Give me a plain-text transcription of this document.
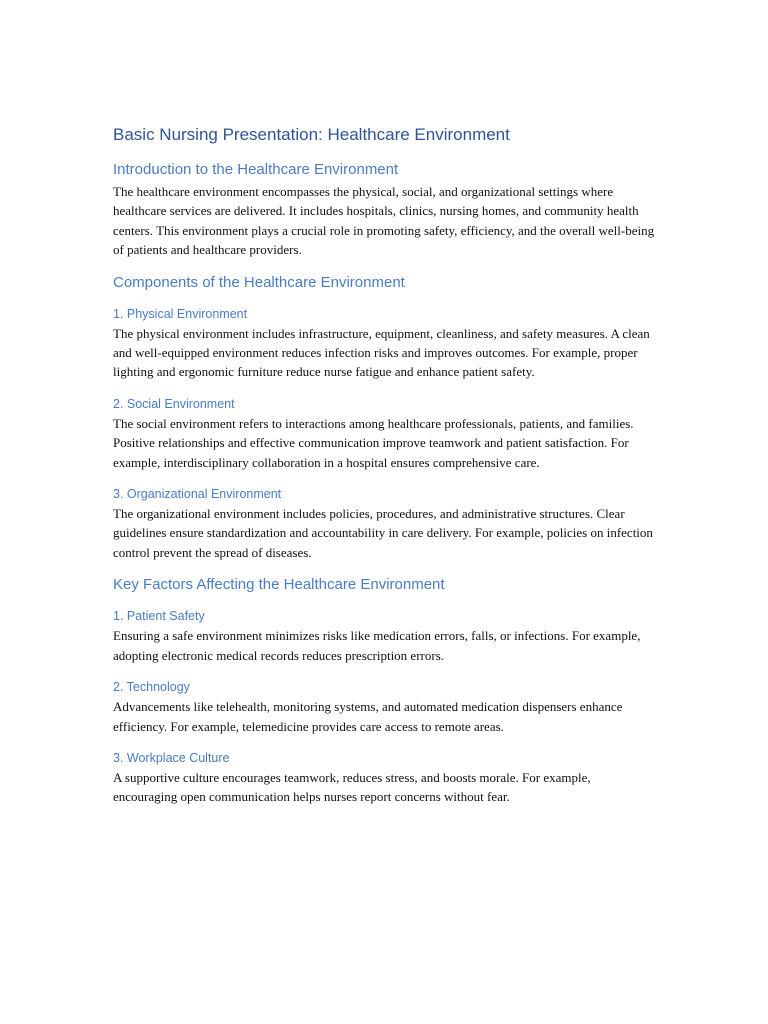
Basic Nursing Presentation: Healthcare Environment
Introduction to the Healthcare Environment

The healthcare environment encompasses the physical, social, and organizational settings where healthcare services are delivered. It includes hospitals, clinics, nursing homes, and community health centers. This environment plays a crucial role in promoting safety, efficiency, and the overall well-being of patients and healthcare providers.

Components of the Healthcare Environment
1. Physical Environment

The physical environment includes infrastructure, equipment, cleanliness, and safety measures. A clean and well-equipped environment reduces infection risks and improves outcomes. For example, proper lighting and ergonomic furniture reduce nurse fatigue and enhance patient safety.

2. Social Environment

The social environment refers to interactions among healthcare professionals, patients, and families. Positive relationships and effective communication improve teamwork and patient satisfaction. For example, interdisciplinary collaboration in a hospital ensures comprehensive care.

3. Organizational Environment

The organizational environment includes policies, procedures, and administrative structures. Clear guidelines ensure standardization and accountability in care delivery. For example, policies on infection control prevent the spread of diseases.

Key Factors Affecting the Healthcare Environment
1. Patient Safety

Ensuring a safe environment minimizes risks like medication errors, falls, or infections. For example, adopting electronic medical records reduces prescription errors.

2. Technology

Advancements like telehealth, monitoring systems, and automated medication dispensers enhance efficiency. For example, telemedicine provides care access to remote areas.

3. Workplace Culture

A supportive culture encourages teamwork, reduces stress, and boosts morale. For example, encouraging open communication helps nurses report concerns without fear.
